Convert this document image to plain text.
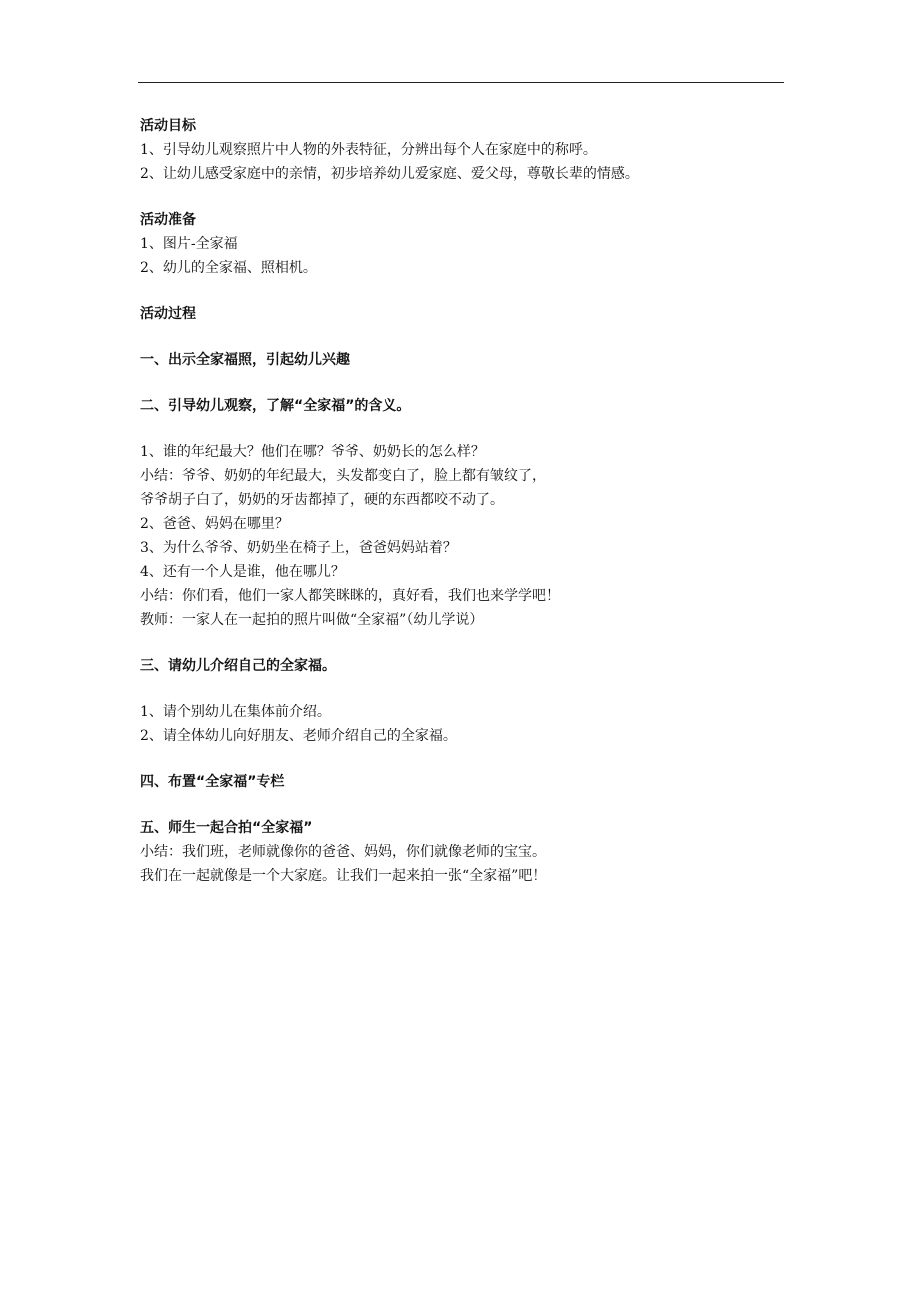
活动目标
1、引导幼儿观察照片中人物的外表特征，分辨出每个人在家庭中的称呼。
2、让幼儿感受家庭中的亲情，初步培养幼儿爱家庭、爱父母，尊敬长辈的情感。
活动准备
1、图片-全家福
2、幼儿的全家福、照相机。
活动过程
一、出示全家福照，引起幼儿兴趣
二、引导幼儿观察，了解“全家福”的含义。
1、谁的年纪最大？他们在哪？爷爷、奶奶长的怎么样？
小结：爷爷、奶奶的年纪最大，头发都变白了，脸上都有皱纹了，
爷爷胡子白了，奶奶的牙齿都掉了，硬的东西都咬不动了。
2、爸爸、妈妈在哪里？
3、为什么爷爷、奶奶坐在椅子上，爸爸妈妈站着？
4、还有一个人是谁，他在哪儿？
小结：你们看，他们一家人都笑眯眯的，真好看，我们也来学学吧！
教师：一家人在一起拍的照片叫做“全家福”（幼儿学说）
三、请幼儿介绍自己的全家福。
1、请个别幼儿在集体前介绍。
2、请全体幼儿向好朋友、老师介绍自己的全家福。
四、布置“全家福”专栏
五、师生一起合拍“全家福”
小结：我们班，老师就像你的爸爸、妈妈，你们就像老师的宝宝。
我们在一起就像是一个大家庭。让我们一起来拍一张“全家福”吧！
